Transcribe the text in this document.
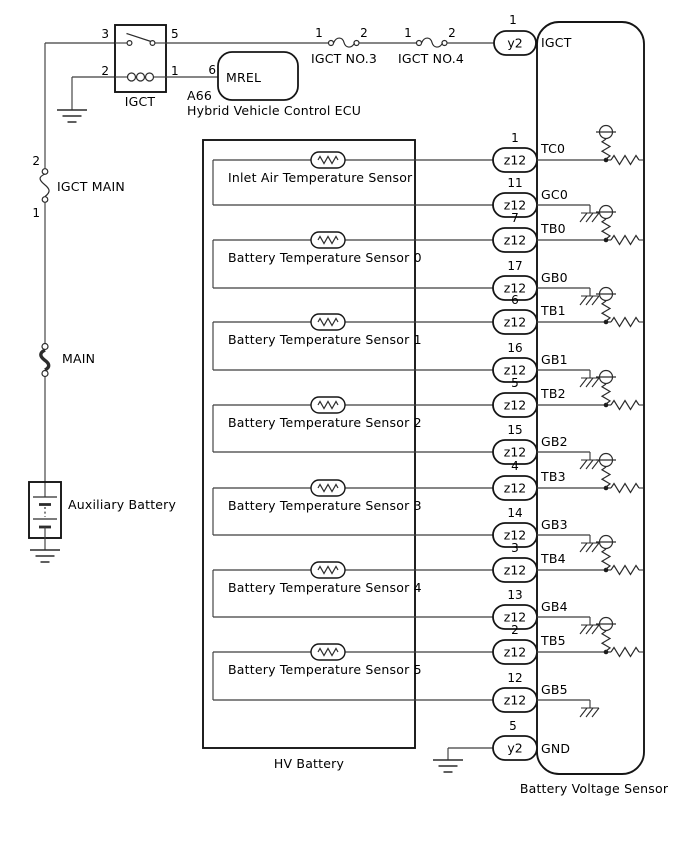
3	5
2	1
IGCT
6 MREL
A66
Hybrid Vehicle Control ECU
1	2
IGCT NO.3
1	2
IGCT NO.4
y2
1
IGCT
2
1
IGCT MAIN
MAIN
Auxiliary Battery
HV Battery
Battery Voltage Sensor
Inlet Air Temperature Sensor
z12
1
TC0
z12
11
GC0
Battery Temperature Sensor 0
z12
7
TB0
z12
17
GB0
Battery Temperature Sensor 1
z12
6
TB1
z12
16
GB1
Battery Temperature Sensor 2
z12
5
TB2
z12
15
GB2
Battery Temperature Sensor 3
z12
4
TB3
z12
14
GB3
Battery Temperature Sensor 4
z12
3
TB4
z12
13
GB4
Battery Temperature Sensor 5
z12
2
TB5
z12
12
GB5
y2
5
GND
